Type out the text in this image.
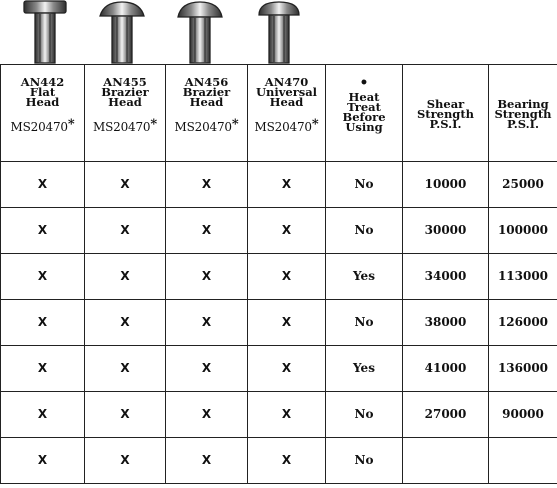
AN442
Flat
Head
MS20470*	AN455
Brazier
Head
MS20470*	AN456
Brazier
Head
MS20470*	AN470
Universal
Head
MS20470*	•
Heat
Treat
Before
Using	Shear
Strength
P.S.I.	Bearing
Strength
P.S.I.

X	X	X	X	No	10000	25000
X	X	X	X	No	30000	100000
X	X	X	X	Yes	34000	113000
X	X	X	X	No	38000	126000
X	X	X	X	Yes	41000	136000
X	X	X	X	No	27000	90000
X	X	X	X	No		
